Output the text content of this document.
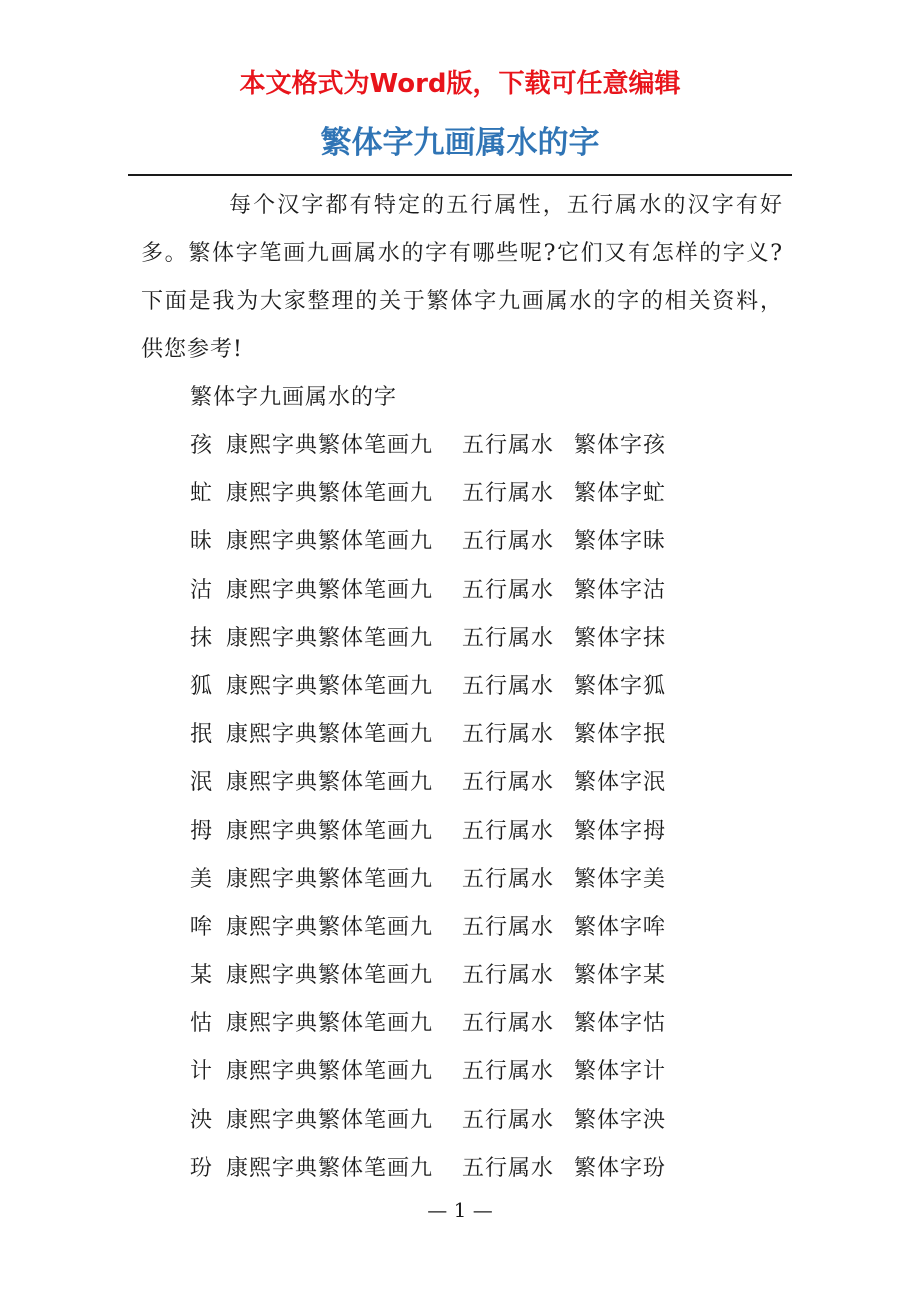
本文格式为Word版，下载可任意编辑
繁体字九画属水的字

每个汉字都有特定的五行属性，五行属水的汉字有好多。繁体字笔画九画属水的字有哪些呢?它们又有怎样的字义?下面是我为大家整理的关于繁体字九画属水的字的相关资料，供您参考!

繁体字九画属水的字

孩 康熙字典繁体笔画九 五行属水 繁体字孩
虻 康熙字典繁体笔画九 五行属水 繁体字虻
昧 康熙字典繁体笔画九 五行属水 繁体字昧
沽 康熙字典繁体笔画九 五行属水 繁体字沽
抹 康熙字典繁体笔画九 五行属水 繁体字抹
狐 康熙字典繁体笔画九 五行属水 繁体字狐
抿 康熙字典繁体笔画九 五行属水 繁体字抿
泯 康熙字典繁体笔画九 五行属水 繁体字泯
拇 康熙字典繁体笔画九 五行属水 繁体字拇
美 康熙字典繁体笔画九 五行属水 繁体字美
哞 康熙字典繁体笔画九 五行属水 繁体字哞
某 康熙字典繁体笔画九 五行属水 繁体字某
怙 康熙字典繁体笔画九 五行属水 繁体字怙
计 康熙字典繁体笔画九 五行属水 繁体字计
泱 康熙字典繁体笔画九 五行属水 繁体字泱
玢 康熙字典繁体笔画九 五行属水 繁体字玢
— 1 —
